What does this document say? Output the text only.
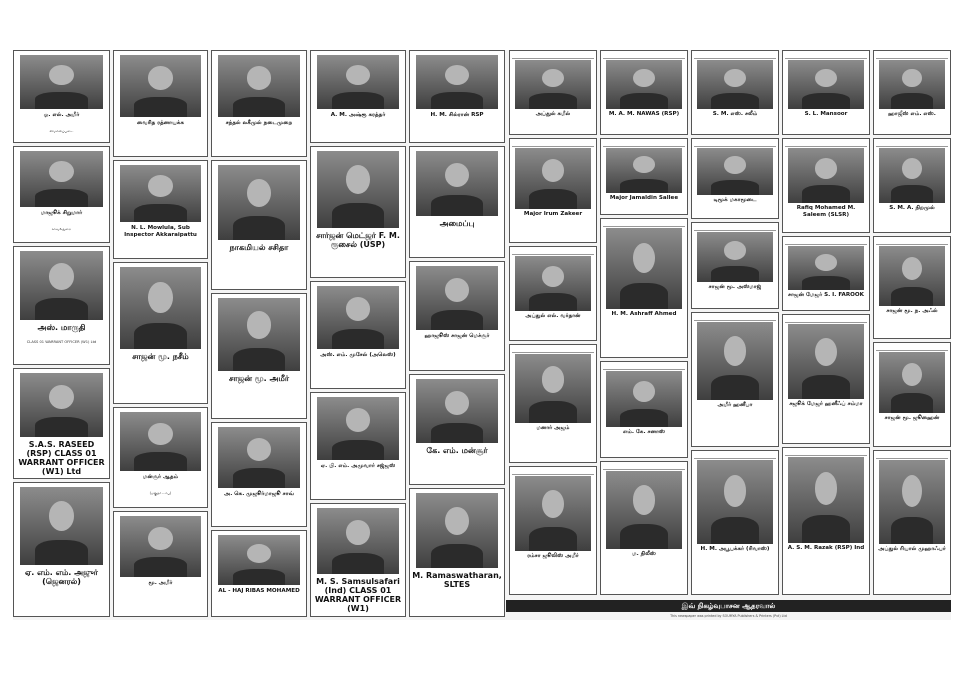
ஓ. எல். அமீர்
விமானப்படை
மாஜூக் சிறுமார்
காவல்துறை
அஸ். மாருதி
CLASS 01 WARRANT OFFICER (W1) Ltd
S.A.S. RASEED (RSP) CLASS 01 WARRANT OFFICER (W1) Ltd
ஏ. எம். எம். அஜுர் (ஜெனரல்)
வைரித ரத்னாயக்க
N. L. Mowlula, Sub Inspector Akkaraipattu
சாஜன் மூ. நசீம்
மன்சூர் ஆதம்
(மகுதா டாபு)
மூ. அமீர்
சந்தல் லகீமுல் நடைமுறை
நாகமியல் சசிதா
சாஜன் மூ. அமீர்
அ. கெ. முஜூர்மாஜூ சாவ்
AL - HAJ RIBAS MOHAMED
A. M. அஷ்ரூ கரத்தர்
சார்ஜன் மெட்ஜர் F. M. ரூசைல் (USP)
அஸ். எம். முசேல் (அலெஸ்)
ஏ. பி. எம். அமுவார் சஜ்ஜஸ்
M. S. Samsulsafari (Ind) CLASS 01 WARRANT OFFICER (W1)
H. M. சில்ரான் RSP
அமைப்பு
ஹாஜூஸ் சாஜன் மெச்சூர்
கே. எம். மன்சூர்
M. Ramaswatharan, SLTES
அப்துல் கமீல்
Major Irum Zakeer
அப்துல் எல். வர்தான்
மனார் அஜம்
ரம்சா ஜூலிஸ் அமீர்
M. A. M. NAWAS (RSP)
Major Jamaldin Sallee
H. M. Ashraff Ahmed
எம். கே. சனாஸ்
ம. நிலீஸ்
S. M. எஸ். சலீம்
டிமூக் மகாமூடை
சாஜன் மூ. அஸ்மாஜ்
அமீர் ஹனீபா
H. M. அபூபக்கர் (ரிவாஸ்)
S. L. Mansoor
Rafiq Mohamed M. Saleem (SLSR)
சாஜன் மேஜர் S. I. FAROOK
சஜூக் மேஜர் ஹனீஃப் சம்மா
A. S. M. Razak (RSP) Ind
ஹாஜீஸ் எம். எஸ்.
S. M. A. நிறமுல்
சாஜன் மூ. ந. அஃல்
சாஜன் மூ. ஜூஹைன்
அப்துல் ரியால் முஹாஃபர்
இவ் நிகழ்வுபாசன ஆதரவால்
This newspaper was printed by SOUMYA Publishers & Printers (Pvt) Ltd
